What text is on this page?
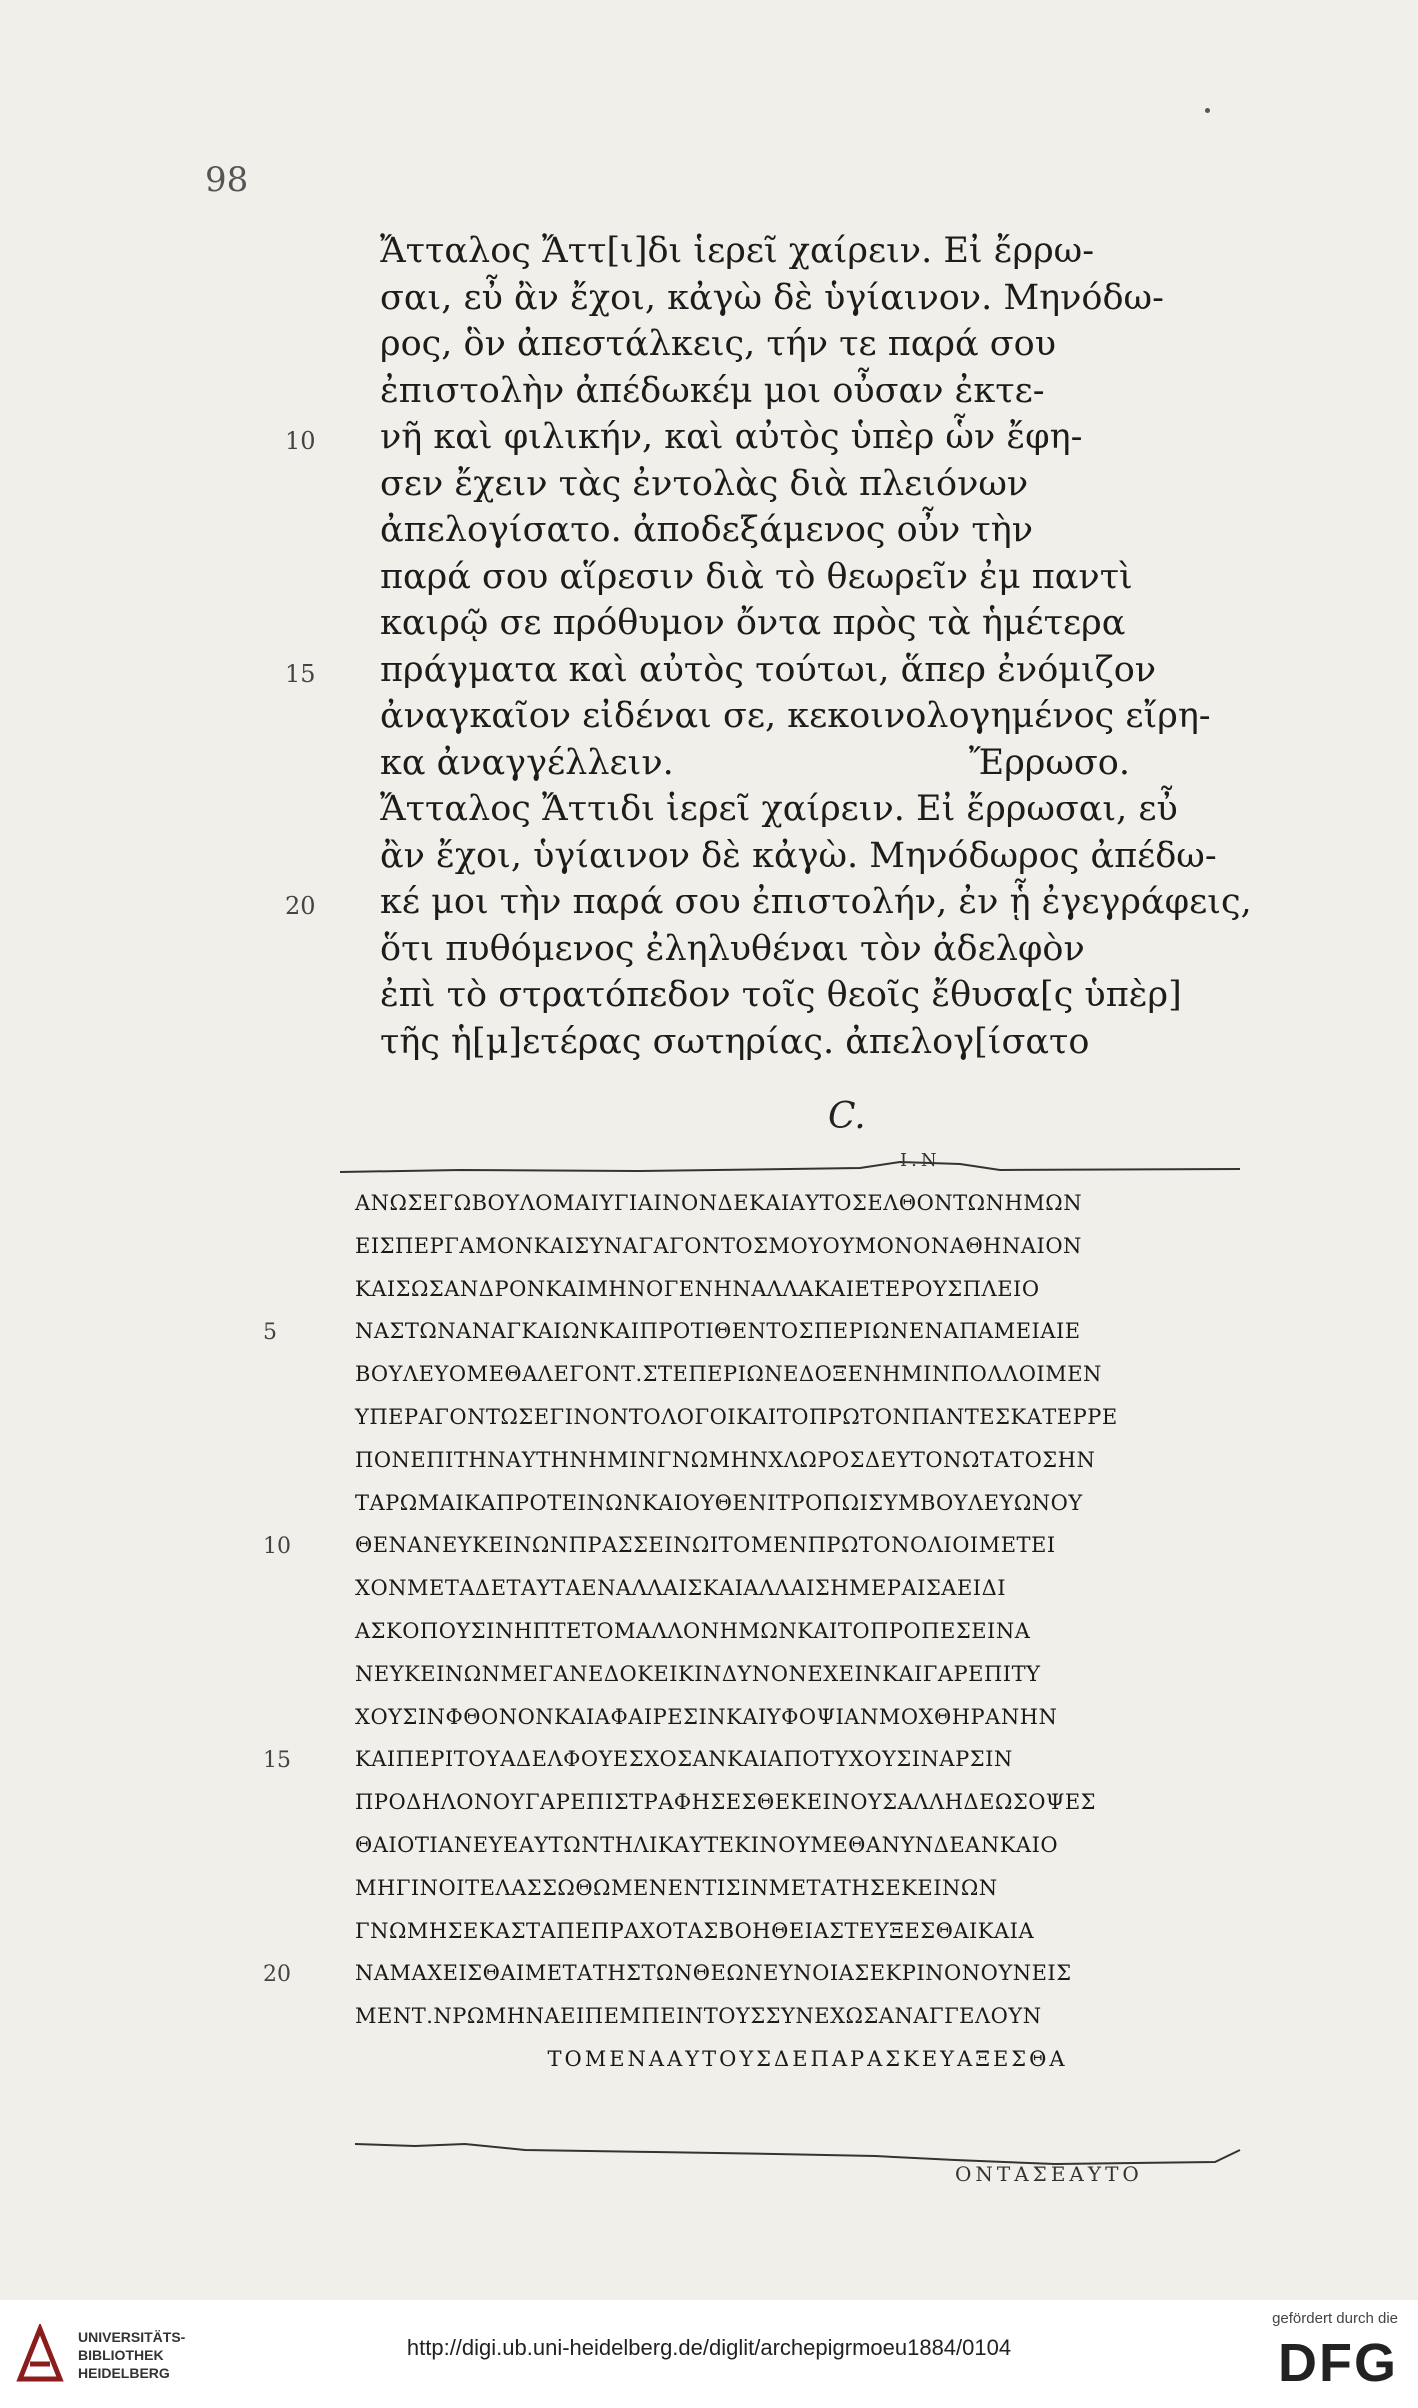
98
Ἄτταλος Ἄττ[ι]δι ἱερεῖ χαίρειν. Εἰ ἔρρω-
σαι, εὖ ἂν ἔχοι, κἀγὼ δὲ ὑγίαινον. Μηνόδω-
ρος, ὃν ἀπεστάλκεις, τήν τε παρά σου
ἐπιστολὴν ἀπέδωκέμ μοι οὖσαν ἐκτε-
10 νῆ καὶ φιλικήν, καὶ αὐτὸς ὑπὲρ ὧν ἔφη-
σεν ἔχειν τὰς ἐντολὰς διὰ πλειόνων
ἀπελογίσατο. ἀποδεξάμενος οὖν τὴν
παρά σου αἵρεσιν διὰ τὸ θεωρεῖν ἐμ παντὶ
καιρῷ σε πρόθυμον ὄντα πρὸς τὰ ἡμέτερα
15 πράγματα καὶ αὐτὸς τούτωι, ἅπερ ἐνόμιζον
ἀναγκαῖον εἰδέναι σε, κεκοινολογημένος εἴρη-
κα ἀναγγέλλειν.	Ἔρρωσο.
Ἄτταλος Ἄττιδι ἱερεῖ χαίρειν. Εἰ ἔρρωσαι, εὖ
ἂν ἔχοι, ὑγίαινον δὲ κἀγὼ. Μηνόδωρος ἀπέδω-
20 κέ μοι τὴν παρά σου ἐπιστολήν, ἐν ᾗ ἐγεγράφεις,
ὅτι πυθόμενος ἐληλυθέναι τὸν ἀδελφὸν
ἐπὶ τὸ στρατόπεδον τοῖς θεοῖς ἔθυσα[ς ὑπὲρ]
τῆς ἡ[μ]ετέρας σωτηρίας. ἀπελογ[ίσατο
C.
Ι.Ν
ΑΝΩΣΕΓΩΒΟΥΛΟΜΑΙΥΓΙΑΙΝΟΝΔΕΚΑΙΑΥΤΟΣΕΛΘΟΝΤΩΝΗΜΩΝ
ΕΙΣΠΕΡΓΑΜΟΝΚΑΙΣΥΝΑΓΑΓΟΝΤΟΣΜΟΥΟΥΜΟΝΟΝΑΘΗΝΑΙΟΝ
ΚΑΙΣΩΣΑΝΔΡΟΝΚΑΙΜΗΝΟΓΕΝΗΝΑΛΛΑΚΑΙΕΤΕΡΟΥΣΠΛΕΙΟ
5	ΝΑΣΤΩΝΑΝΑΓΚΑΙΩΝΚΑΙΠΡΟΤΙΘΕΝΤΟΣΠΕΡΙΩΝΕΝΑΠΑΜΕΙΑΙΕ
ΒΟΥΛΕΥΟΜΕΘΑΛΕΓΟΝΤ.ΣΤΕΠΕΡΙΩΝΕΔΟΞΕΝΗΜΙΝΠΟΛΛΟΙΜΕΝ
ΥΠΕΡΑΓΟΝΤΩΣΕΓΙΝΟΝΤΟΛΟΓΟΙΚΑΙΤΟΠΡΩΤΟΝΠΑΝΤΕΣΚΑΤΕΡΡΕ
ΠΟΝΕΠΙΤΗΝΑΥΤΗΝΗΜΙΝΓΝΩΜΗΝΧΛΩΡΟΣΔΕΥΤΟΝΩΤΑΤΟΣΗΝ
ΤΑΡΩΜΑΙΚΑΠΡΟΤΕΙΝΩΝΚΑΙΟΥΘΕΝΙΤΡΟΠΩΙΣΥΜΒΟΥΛΕΥΩΝΟΥ
10	ΘΕΝΑΝΕΥΚΕΙΝΩΝΠΡΑΣΣΕΙΝΩΙΤΟΜΕΝΠΡΩΤΟΝΟΛΙΟΙΜΕΤΕΙ
ΧΟΝΜΕΤΑΔΕΤΑΥΤΑΕΝΑΛΛΑΙΣΚΑΙΑΛΛΑΙΣΗΜΕΡΑΙΣΑΕΙΔΙ
ΑΣΚΟΠΟΥΣΙΝΗΠΤΕΤΟΜΑΛΛΟΝΗΜΩΝΚΑΙΤΟΠΡΟΠΕΣΕΙΝΑ
ΝΕΥΚΕΙΝΩΝΜΕΓΑΝΕΔΟΚΕΙΚΙΝΔΥΝΟΝΕΧΕΙΝΚΑΙΓΑΡΕΠΙΤΥ
ΧΟΥΣΙΝΦΘΟΝΟΝΚΑΙΑΦΑΙΡΕΣΙΝΚΑΙΥΦΟΨΙΑΝΜΟΧΘΗΡΑΝΗΝ
15	ΚΑΙΠΕΡΙΤΟΥΑΔΕΛΦΟΥΕΣΧΟΣΑΝΚΑΙΑΠΟΤΥΧΟΥΣΙΝΑΡΣΙΝ
ΠΡΟΔΗΛΟΝΟΥΓΑΡΕΠΙΣΤΡΑΦΗΣΕΣΘΕΚΕΙΝΟΥΣΑΛΛΗΔΕΩΣΟΨΕΣ
ΘΑΙΟΤΙΑΝΕΥΕΑΥΤΩΝΤΗΛΙΚΑΥΤΕΚΙΝΟΥΜΕΘΑΝΥΝΔΕΑΝΚΑΙΟ
ΜΗΓΙΝΟΙΤΕΛΑΣΣΩΘΩΜΕΝΕΝΤΙΣΙΝΜΕΤΑΤΗΣΕΚΕΙΝΩΝ
ΓΝΩΜΗΣΕΚΑΣΤΑΠΕΠΡΑΧΟΤΑΣΒΟΗΘΕΙΑΣΤΕΥΞΕΣΘΑΙΚΑΙΑ
20	ΝΑΜΑΧΕΙΣΘΑΙΜΕΤΑΤΗΣΤΩΝΘΕΩΝΕΥΝΟΙΑΣΕΚΡΙΝΟΝΟΥΝΕΙΣ
ΜΕΝΤ.ΝΡΩΜΗΝΑΕΙΠΕΜΠΕΙΝΤΟΥΣΣΥΝΕΧΩΣΑΝΑΓΓΕΛΟΥΝ
ΤΟΜΕΝΑΑΥΤΟΥΣΔΕΠΑΡΑΣΚΕΥΑΞΕΣΘΑ
ΟΝΤΑΣΕΑΥΤΟ
UNIVERSITÄTS-
BIBLIOTHEK
HEIDELBERG
http://digi.ub.uni-heidelberg.de/diglit/archepigrmoeu1884/0104
gefördert durch die
DFG
